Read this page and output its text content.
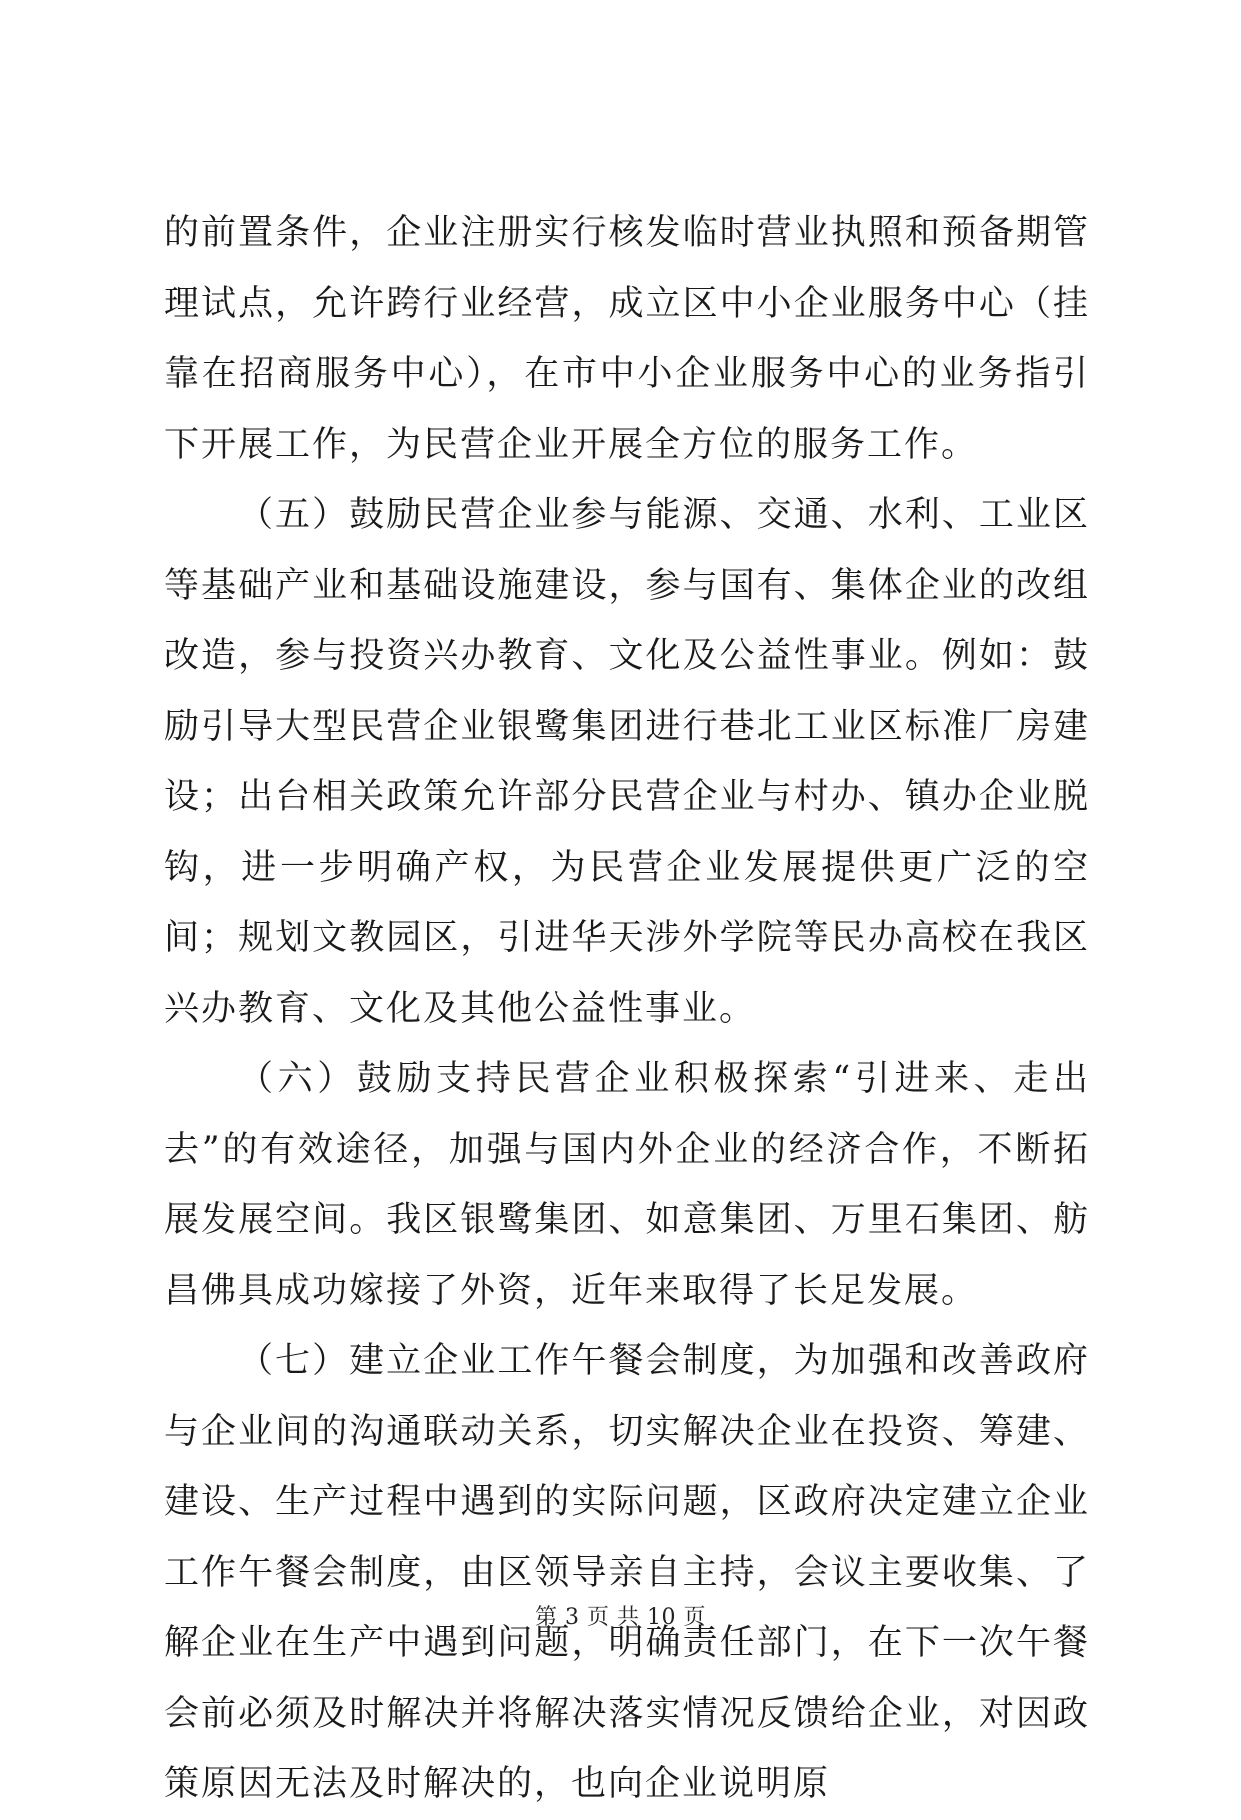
的前置条件，企业注册实行核发临时营业执照和预备期管理试点，允许跨行业经营，成立区中小企业服务中心（挂靠在招商服务中心），在市中小企业服务中心的业务指引下开展工作，为民营企业开展全方位的服务工作。

（五）鼓励民营企业参与能源、交通、水利、工业区等基础产业和基础设施建设，参与国有、集体企业的改组改造，参与投资兴办教育、文化及公益性事业。例如：鼓励引导大型民营企业银鹭集团进行巷北工业区标准厂房建设；出台相关政策允许部分民营企业与村办、镇办企业脱钩，进一步明确产权，为民营企业发展提供更广泛的空间；规划文教园区，引进华天涉外学院等民办高校在我区兴办教育、文化及其他公益性事业。

（六）鼓励支持民营企业积极探索“引进来、走出去”的有效途径，加强与国内外企业的经济合作，不断拓展发展空间。我区银鹭集团、如意集团、万里石集团、舫昌佛具成功嫁接了外资，近年来取得了长足发展。

（七）建立企业工作午餐会制度，为加强和改善政府与企业间的沟通联动关系，切实解决企业在投资、筹建、建设、生产过程中遇到的实际问题，区政府决定建立企业工作午餐会制度，由区领导亲自主持，会议主要收集、了解企业在生产中遇到问题，明确责任部门，在下一次午餐会前必须及时解决并将解决落实情况反馈给企业，对因政策原因无法及时解决的，也向企业说明原

第 3 页 共 10 页
